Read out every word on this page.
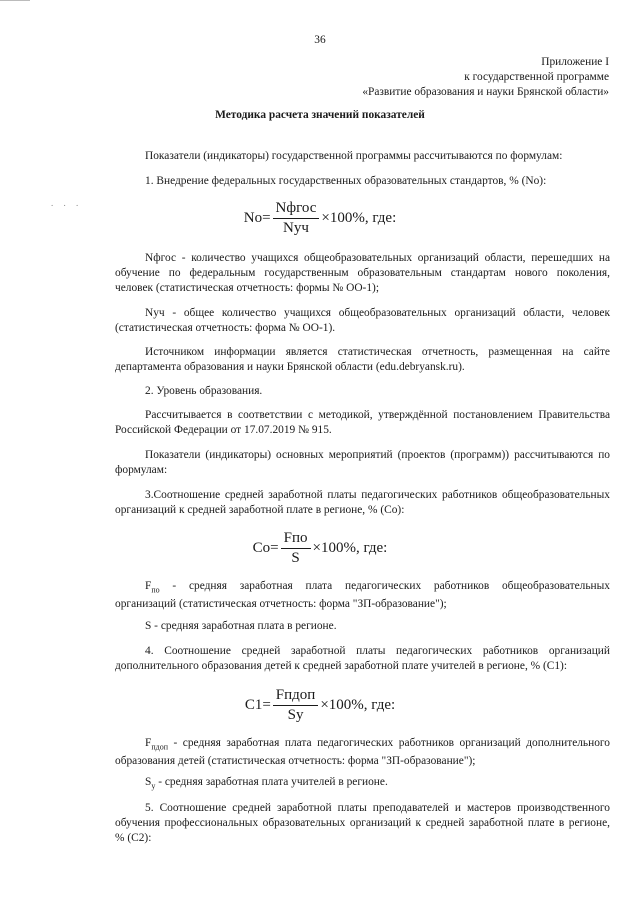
36
Приложение I
к государственной программе
«Развитие образования и науки Брянской области»
Методика расчета значений показателей
. . .
Показатели (индикаторы) государственной программы рассчитываются по формулам:
1. Внедрение федеральных государственных образовательных стандартов, % (No):
$No= \frac{\text{Nфгос}}{\text{Nуч}} \times 100\%$, где:
Nфгос - количество учащихся общеобразовательных организаций области, перешедших на
обучение по федеральным государственным образовательным стандартам нового поколения,
человек (статистическая отчетность: формы № ОО-1);
Nуч - общее количество учащихся общеобразовательных организаций области, человек
(статистическая отчетность: форма № ОО-1).
Источником информации является статистическая отчетность, размещенная на сайте
департамента образования и науки Брянской области (edu.debryansk.ru).
2. Уровень образования.
Рассчитывается в соответствии с методикой, утверждённой постановлением Правительства
Российской Федерации от 17.07.2019 № 915.
Показатели (индикаторы) основных мероприятий (проектов (программ)) рассчитываются по
формулам:
3.Соотношение средней заработной платы педагогических работников общеобразовательных
организаций к средней заработной плате в регионе, % (Со):
$Со= \frac{\text{Fпо}}{S} \times 100\%$, где:
$F_{по}$ - средняя заработная плата педагогических работников общеобразовательных
организаций (статистическая отчетность: форма "ЗП-образование");
S - средняя заработная плата в регионе.
4. Соотношение средней заработной платы педагогических работников организаций
дополнительного образования детей к средней заработной плате учителей в регионе, % (С1):
$С1= \frac{\text{Fпдоп}}{Sу} \times 100\%$, где:
$F_{пдоп}$ - средняя заработная плата педагогических работников организаций дополнительного
образования детей (статистическая отчетность: форма "ЗП-образование");
$S_у$ - средняя заработная плата учителей в регионе.
5. Соотношение средней заработной платы преподавателей и мастеров производственного
обучения профессиональных образовательных организаций к средней заработной плате в регионе,
% (С2):
